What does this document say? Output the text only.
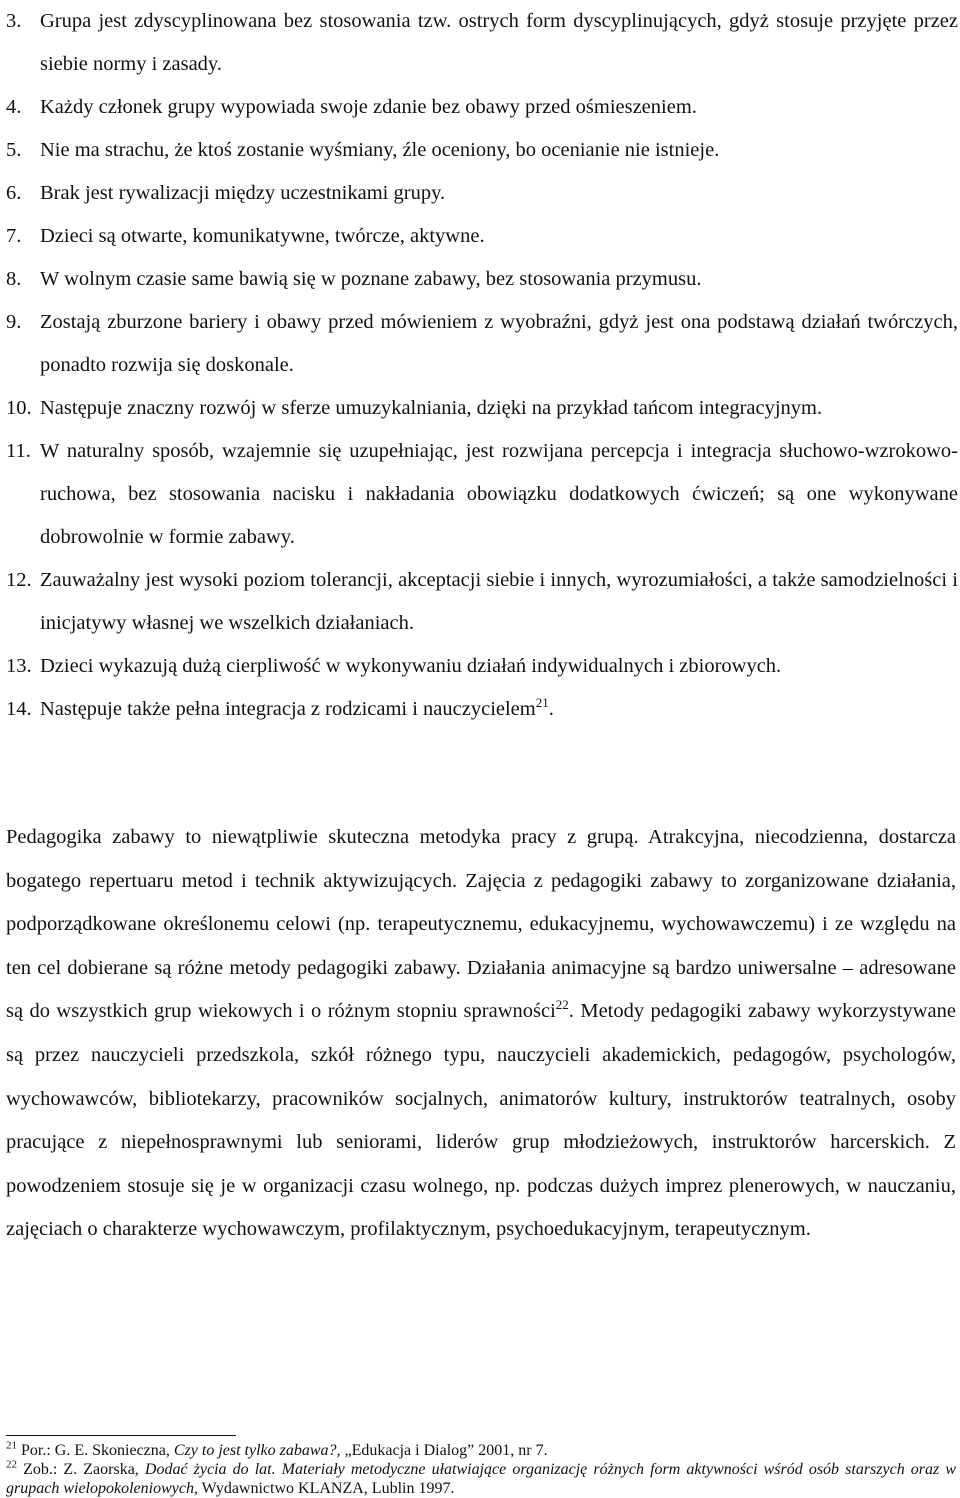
3. Grupa jest zdyscyplinowana bez stosowania tzw. ostrych form dyscyplinujących, gdyż stosuje przyjęte przez siebie normy i zasady.
4. Każdy członek grupy wypowiada swoje zdanie bez obawy przed ośmieszeniem.
5. Nie ma strachu, że ktoś zostanie wyśmiany, źle oceniony, bo ocenianie nie istnieje.
6. Brak jest rywalizacji między uczestnikami grupy.
7. Dzieci są otwarte, komunikatywne, twórcze, aktywne.
8. W wolnym czasie same bawią się w poznane zabawy, bez stosowania przymusu.
9. Zostają zburzone bariery i obawy przed mówieniem z wyobraźni, gdyż jest ona podstawą działań twórczych, ponadto rozwija się doskonale.
10. Następuje znaczny rozwój w sferze umuzykalniania, dzięki na przykład tańcom integracyjnym.
11. W naturalny sposób, wzajemnie się uzupełniając, jest rozwijana percepcja i integracja słuchowo-wzrokowo-ruchowa, bez stosowania nacisku i nakładania obowiązku dodatkowych ćwiczeń; są one wykonywane dobrowolnie w formie zabawy.
12. Zauważalny jest wysoki poziom tolerancji, akceptacji siebie i innych, wyrozumiałości, a także samodzielności i inicjatywy własnej we wszelkich działaniach.
13. Dzieci wykazują dużą cierpliwość w wykonywaniu działań indywidualnych i zbiorowych.
14. Następuje także pełna integracja z rodzicami i nauczycielem$^{21}$.
Pedagogika zabawy to niewątpliwie skuteczna metodyka pracy z grupą. Atrakcyjna, niecodzienna, dostarcza bogatego repertuaru metod i technik aktywizujących. Zajęcia z pedagogiki zabawy to zorganizowane działania, podporządkowane określonemu celowi (np. terapeutycznemu, edukacyjnemu, wychowawczemu) i ze względu na ten cel dobierane są różne metody pedagogiki zabawy. Działania animacyjne są bardzo uniwersalne – adresowane są do wszystkich grup wiekowych i o różnym stopniu sprawności$^{22}$. Metody pedagogiki zabawy wykorzystywane są przez nauczycieli przedszkola, szkół różnego typu, nauczycieli akademickich, pedagogów, psychologów, wychowawców, bibliotekarzy, pracowników socjalnych, animatorów kultury, instruktorów teatralnych, osoby pracujące z niepełnosprawnymi lub seniorami, liderów grup młodzieżowych, instruktorów harcerskich. Z powodzeniem stosuje się je w organizacji czasu wolnego, np. podczas dużych imprez plenerowych, w nauczaniu, zajęciach o charakterze wychowawczym, profilaktycznym, psychoedukacyjnym, terapeutycznym.

$^{21}$ Por.: G. E. Skonieczna, Czy to jest tylko zabawa?, „Edukacja i Dialog” 2001, nr 7.

$^{22}$ Zob.: Z. Zaorska, Dodać życia do lat. Materiały metodyczne ułatwiające organizację różnych form aktywności wśród osób starszych oraz w grupach wielopokoleniowych, Wydawnictwo KLANZA, Lublin 1997.
